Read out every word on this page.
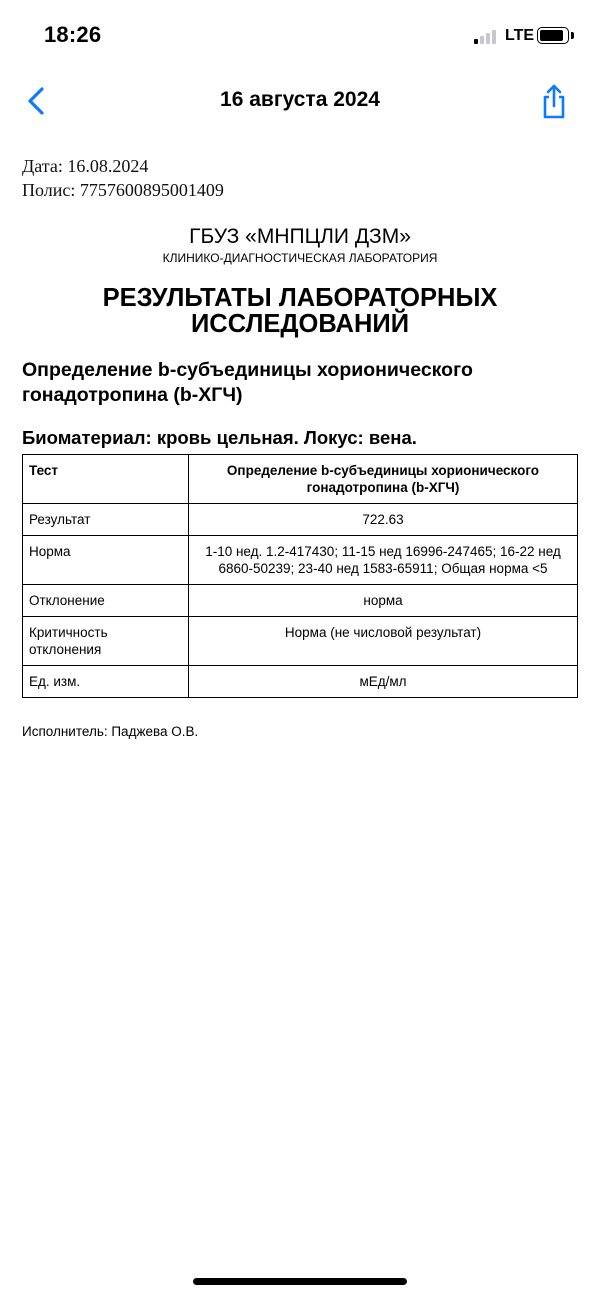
18:26	LTE
16 августа 2024
Дата: 16.08.2024
Полис: 7757600895001409
ГБУЗ «МНПЦЛИ ДЗМ»
КЛИНИКО-ДИАГНОСТИЧЕСКАЯ ЛАБОРАТОРИЯ
РЕЗУЛЬТАТЫ ЛАБОРАТОРНЫХ ИССЛЕДОВАНИЙ
Определение b-субъединицы хорионического гонадотропина (b-ХГЧ)
Биоматериал: кровь цельная. Локус: вена.
Тест	Определение b-субъединицы хорионического гонадотропина (b-ХГЧ)
Результат	722.63
Норма	1-10 нед. 1.2-417430; 11-15 нед 16996-247465; 16-22 нед 6860-50239; 23-40 нед 1583-65911; Общая норма <5
Отклонение	норма
Критичность отклонения	Норма (не числовой результат)
Ед. изм.	мЕд/мл
Исполнитель: Паджева О.В.
